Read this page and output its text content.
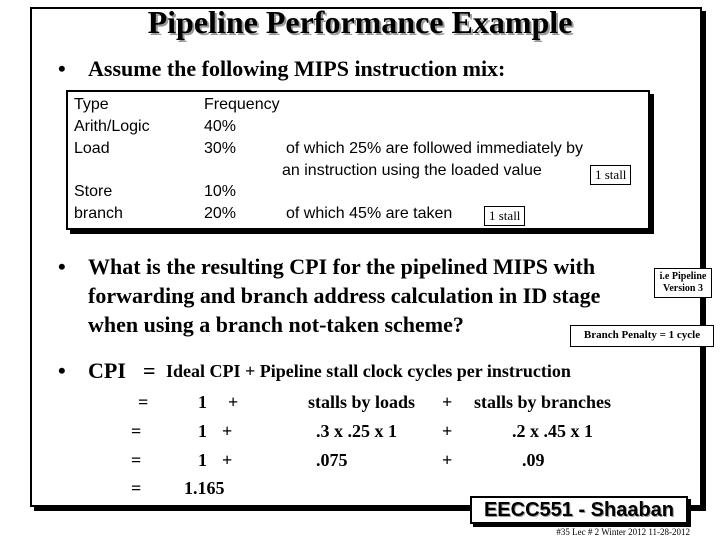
Pipeline Performance Example
• Assume the following MIPS instruction mix:
Type	Frequency
Arith/Logic	40%
Load	30%	of which 25% are followed immediately by
an instruction using the loaded value	1 stall
Store	10%
branch	20%	of which 45% are taken	1 stall
• What is the resulting CPI for the pipelined MIPS with
forwarding and branch address calculation in ID stage
when using a branch not-taken scheme?
i.e Pipeline
Version 3
Branch Penalty = 1 cycle
• CPI = Ideal CPI + Pipeline stall clock cycles per instruction
=	1 +	stalls by loads + stalls by branches
=	1 +	.3 x .25 x 1	+	.2 x .45 x 1
=	1 +	.075	+	.09
= 1.165
EECC551 - Shaaban
#35 Lec # 2 Winter 2012 11-28-2012
